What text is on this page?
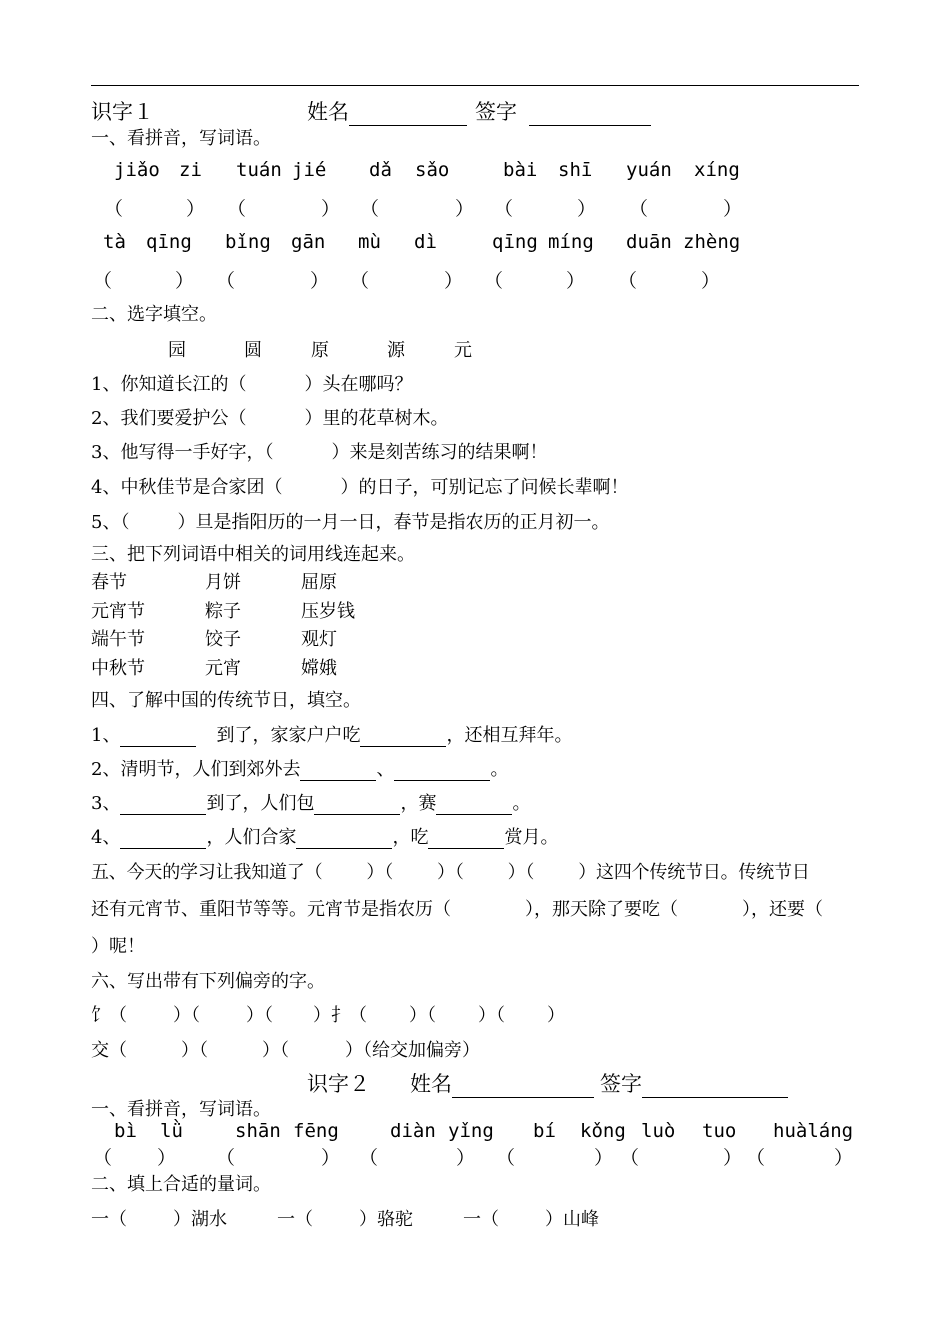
识字１	姓名	签字
一、看拼音，写词语。
jiǎo zi tuán jié dǎ sǎo	bài shī yuán xíng
（	） （	） （	） （	） （	）
tà qīng bǐng gān mù dì	qīng míng duān zhèng
（	） （	） （	） （	） （	）
二、选字填空。
园	圆	原	源	元
1、你知道长江的（	）头在哪吗？
2、我们要爱护公（	）里的花草树木。
3、他写得一手好字，（	）来是刻苦练习的结果啊！
4、中秋佳节是合家团（	）的日子，可别记忘了问候长辈啊！
5、（	）旦是指阳历的一月一日，春节是指农历的正月初一。
三、把下列词语中相关的词用线连起来。
春节	月饼	屈原
元宵节	粽子	压岁钱
端午节	饺子	观灯
中秋节	元宵	嫦娥
四、了解中国的传统节日，填空。
1、	到了，家家户户吃	，还相互拜年。
2、清明节，人们到郊外去	、	。
3、	到了，人们包	，赛	。
4、	，人们合家	，吃	赏月。
五、今天的学习让我知道了（ ）（ ）（ ）（ ）这四个传统节日。传统节日
还有元宵节、重阳节等等。元宵节是指农历（	），那天除了要吃（	），还要（
）呢！
六、写出带有下列偏旁的字。
饣（	）（	）（ ）扌（ ）（ ）（ ）
交（	）（	）（	）（给交加偏旁）
识字２ 姓名	签字
一、看拼音，写词语。
bì lǜ	shān fēng	diàn yǐng bí kǒng luò tuo huàláng
（ ） （	） （	） （	） （	） （	）
二、填上合适的量词。
一（	）湖水	一（	）骆驼	一（	）山峰
